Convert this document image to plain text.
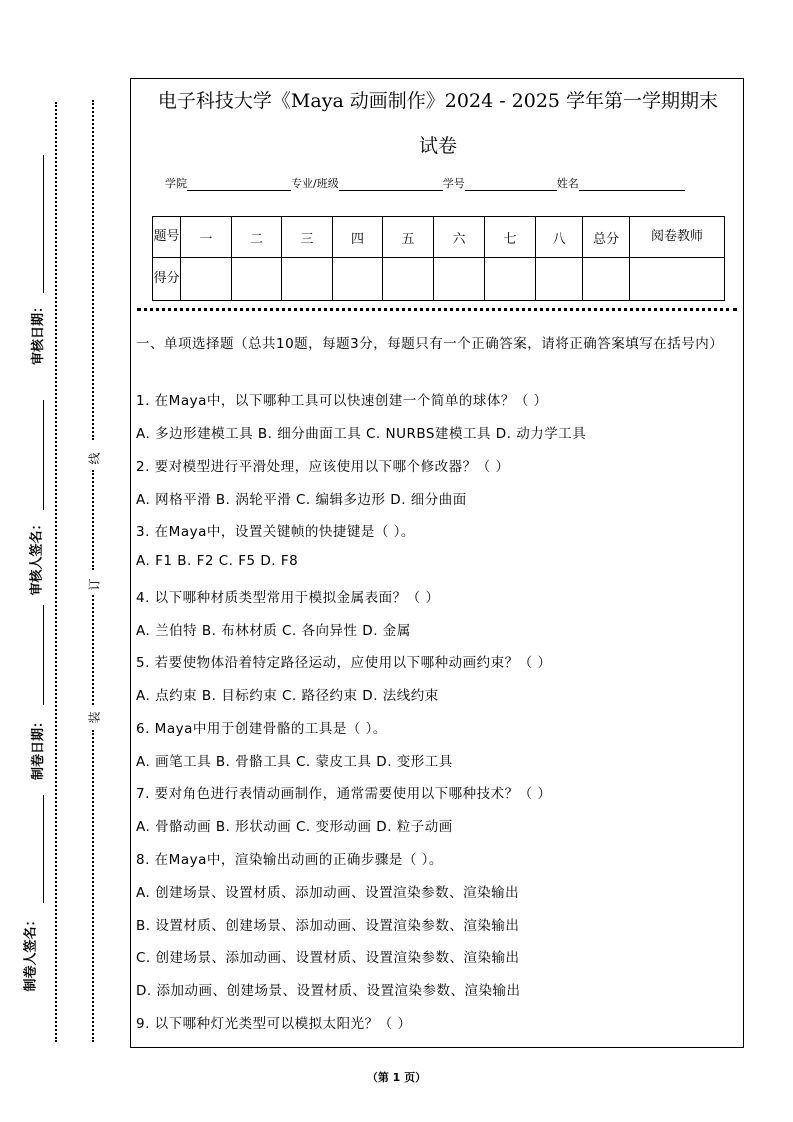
审核日期：
审核人签名：
制卷日期：
制卷人签名：
线
订
装
电子科技大学《Maya 动画制作》2024 - 2025 学年第一学期期末
试卷
学院	专业/班级	学号	姓名
题号	一	二	三	四	五	六	七	八	总分	阅卷教师
得分										
一、单项选择题（总共10题，每题3分，每题只有一个正确答案，请将正确答案填写在括号内）
1. 在Maya中，以下哪种工具可以快速创建一个简单的球体？（ ）
A. 多边形建模工具 B. 细分曲面工具 C. NURBS建模工具 D. 动力学工具
2. 要对模型进行平滑处理，应该使用以下哪个修改器？（ ）
A. 网格平滑 B. 涡轮平滑 C. 编辑多边形 D. 细分曲面
3. 在Maya中，设置关键帧的快捷键是（ ）。
A. F1 B. F2 C. F5 D. F8
4. 以下哪种材质类型常用于模拟金属表面？（ ）
A. 兰伯特 B. 布林材质 C. 各向异性 D. 金属
5. 若要使物体沿着特定路径运动，应使用以下哪种动画约束？（ ）
A. 点约束 B. 目标约束 C. 路径约束 D. 法线约束
6. Maya中用于创建骨骼的工具是（ ）。
A. 画笔工具 B. 骨骼工具 C. 蒙皮工具 D. 变形工具
7. 要对角色进行表情动画制作，通常需要使用以下哪种技术？（ ）
A. 骨骼动画 B. 形状动画 C. 变形动画 D. 粒子动画
8. 在Maya中，渲染输出动画的正确步骤是（ ）。
A. 创建场景、设置材质、添加动画、设置渲染参数、渲染输出
B. 设置材质、创建场景、添加动画、设置渲染参数、渲染输出
C. 创建场景、添加动画、设置材质、设置渲染参数、渲染输出
D. 添加动画、创建场景、设置材质、设置渲染参数、渲染输出
9. 以下哪种灯光类型可以模拟太阳光？（ ）
（第 1 页）
